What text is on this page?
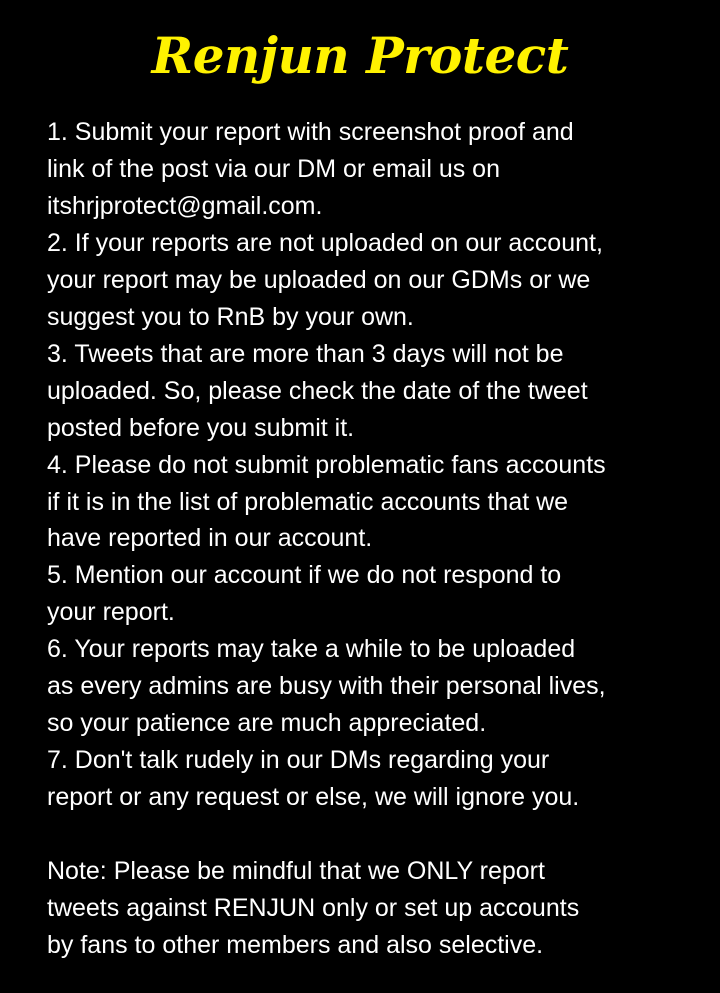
Renjun Protect
1. Submit your report with screenshot proof and
link of the post via our DM or email us on
itshrjprotect@gmail.com.
2. If your reports are not uploaded on our account,
your report may be uploaded on our GDMs or we
suggest you to RnB by your own.
3. Tweets that are more than 3 days will not be
uploaded. So, please check the date of the tweet
posted before you submit it.
4. Please do not submit problematic fans accounts
if it is in the list of problematic accounts that we
have reported in our account.
5. Mention our account if we do not respond to
your report.
6. Your reports may take a while to be uploaded
as every admins are busy with their personal lives,
so your patience are much appreciated.
7. Don't talk rudely in our DMs regarding your
report or any request or else, we will ignore you.
Note: Please be mindful that we ONLY report
tweets against RENJUN only or set up accounts
by fans to other members and also selective.
